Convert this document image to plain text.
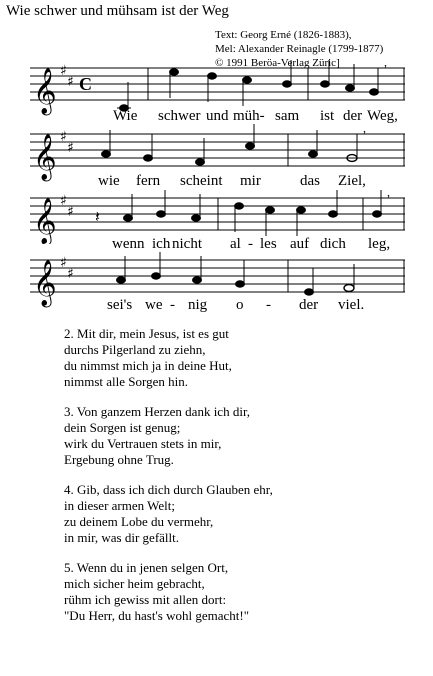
Wie schwer und mühsam ist der Weg
Text: Georg Erné (1826-1883),
Mel: Alexander Reinagle (1799-1877)
© 1991 Beröa-Verlag Züric]
𝄞 ♯
♯ C
,
Wie schwer und müh- sam ist der Weg,
𝄞 ♯
♯
,
wie fern scheint mir	das Ziel,
𝄞 ♯
♯ 𝄽
,
wenn ich nicht al - les auf dich leg,
𝄞 ♯
♯
sei's we - nig o - der viel.
2. Mit dir, mein Jesus, ist es gut
durchs Pilgerland zu ziehn,
du nimmst mich ja in deine Hut,
nimmst alle Sorgen hin.
3. Von ganzem Herzen dank ich dir,
dein Sorgen ist genug;
wirk du Vertrauen stets in mir,
Ergebung ohne Trug.
4. Gib, dass ich dich durch Glauben ehr,
in dieser armen Welt;
zu deinem Lobe du vermehr,
in mir, was dir gefällt.
5. Wenn du in jenen selgen Ort,
mich sicher heim gebracht,
rühm ich gewiss mit allen dort:
"Du Herr, du hast's wohl gemacht!"
